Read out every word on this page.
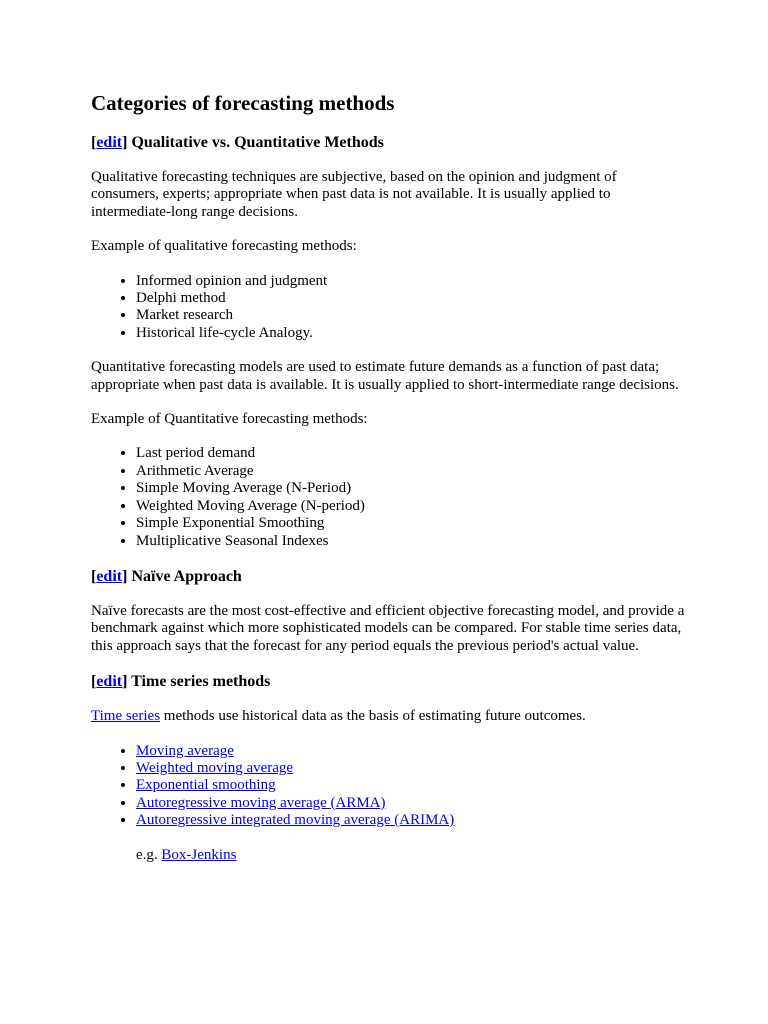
Categories of forecasting methods
[edit] Qualitative vs. Quantitative Methods

Qualitative forecasting techniques are subjective, based on the opinion and judgment of consumers, experts; appropriate when past data is not available. It is usually applied to intermediate-long range decisions.

Example of qualitative forecasting methods:

• Informed opinion and judgment
• Delphi method
• Market research
• Historical life-cycle Analogy.

Quantitative forecasting models are used to estimate future demands as a function of past data; appropriate when past data is available. It is usually applied to short-intermediate range decisions.

Example of Quantitative forecasting methods:

• Last period demand
• Arithmetic Average
• Simple Moving Average (N-Period)
• Weighted Moving Average (N-period)
• Simple Exponential Smoothing
• Multiplicative Seasonal Indexes
[edit] Naïve Approach

Naïve forecasts are the most cost-effective and efficient objective forecasting model, and provide a benchmark against which more sophisticated models can be compared. For stable time series data, this approach says that the forecast for any period equals the previous period's actual value.

[edit] Time series methods

Time series methods use historical data as the basis of estimating future outcomes.

• Moving average
• Weighted moving average
• Exponential smoothing
• Autoregressive moving average (ARMA)
• Autoregressive integrated moving average (ARIMA)

e.g. Box-Jenkins
